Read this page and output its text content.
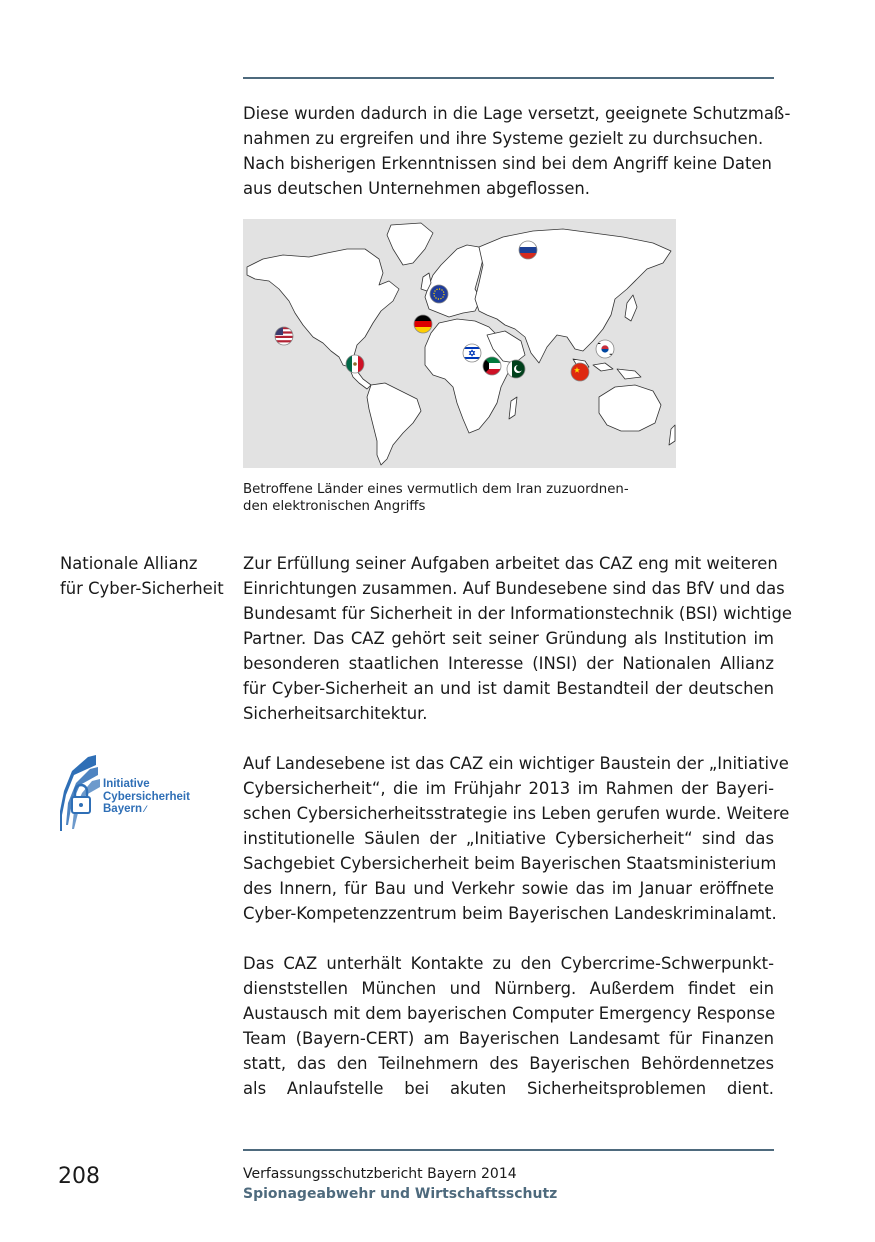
Diese wurden dadurch in die Lage versetzt, geeignete Schutzmaß-
nahmen zu ergreifen und ihre Systeme gezielt zu durchsuchen.
Nach bisherigen Erkenntnissen sind bei dem Angriff keine Daten
aus deutschen Unternehmen abgeflossen.

Betroffene Länder eines vermutlich dem Iran zuzuordnen-
den elektronischen Angriffs

Nationale Allianz
für Cyber-Sicherheit

Zur Erfüllung seiner Aufgaben arbeitet das CAZ eng mit weiteren
Einrichtungen zusammen. Auf Bundesebene sind das BfV und das
Bundesamt für Sicherheit in der Informationstechnik (BSI) wichtige
Partner. Das CAZ gehört seit seiner Gründung als Institution im
besonderen staatlichen Interesse (INSI) der Nationalen Allianz
für Cyber-Sicherheit an und ist damit Bestandteil der deutschen
Sicherheitsarchitektur.

Initiative
Cybersicherheit
Bayern ⁄

Auf Landesebene ist das CAZ ein wichtiger Baustein der „Initiative
Cybersicherheit“, die im Frühjahr 2013 im Rahmen der Bayeri-
schen Cybersicherheitsstrategie ins Leben gerufen wurde. Weitere
institutionelle Säulen der „Initiative Cybersicherheit“ sind das
Sachgebiet Cybersicherheit beim Bayerischen Staatsministerium
des Innern, für Bau und Verkehr sowie das im Januar eröffnete
Cyber-Kompetenzzentrum beim Bayerischen Landeskriminalamt.

Das CAZ unterhält Kontakte zu den Cybercrime-Schwerpunkt-
dienststellen München und Nürnberg. Außerdem findet ein
Austausch mit dem bayerischen Computer Emergency Response
Team (Bayern-CERT) am Bayerischen Landesamt für Finanzen
statt, das den Teilnehmern des Bayerischen Behördennetzes
als Anlaufstelle bei akuten Sicherheitsproblemen dient.

208	Verfassungsschutzbericht Bayern 2014
Spionageabwehr und Wirtschaftsschutz
